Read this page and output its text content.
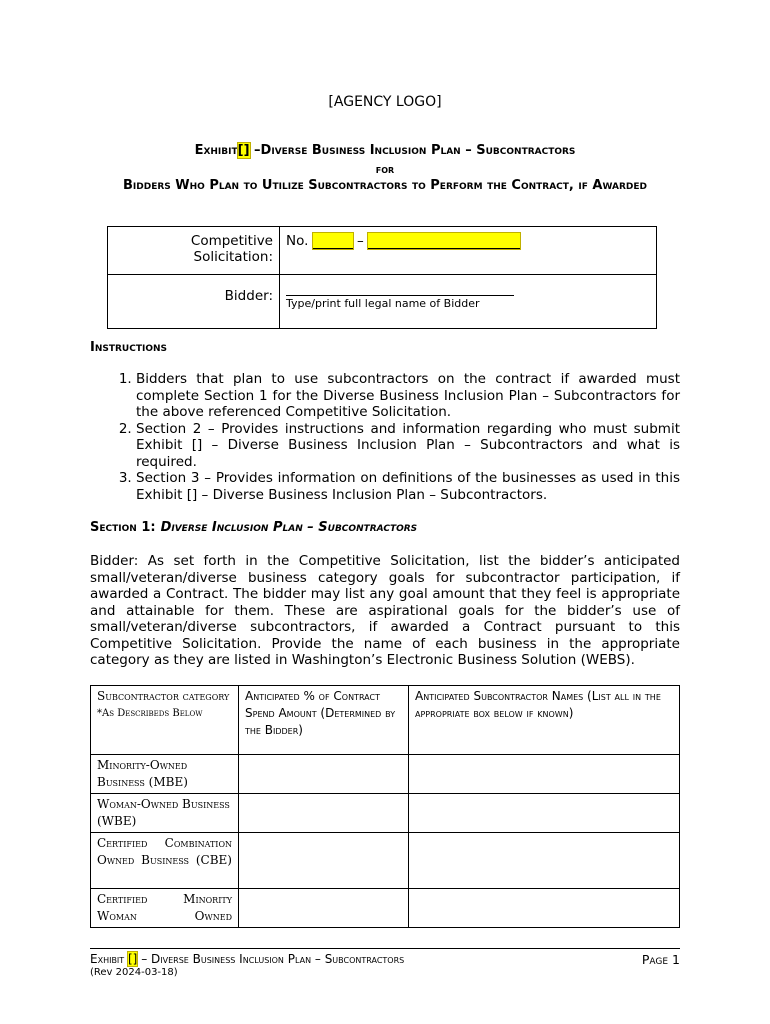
[AGENCY LOGO]
Exhibit[] –Diverse Business Inclusion Plan – Subcontractors
for
Bidders Who Plan to Utilize Subcontractors to Perform the Contract, if Awarded
Competitive Solicitation:	No. –
Bidder:	Type/print full legal name of Bidder
Instructions
1. Bidders that plan to use subcontractors on the contract if awarded must complete Section 1 for the Diverse Business Inclusion Plan – Subcontractors for the above referenced Competitive Solicitation.
2. Section 2 – Provides instructions and information regarding who must submit Exhibit [] – Diverse Business Inclusion Plan – Subcontractors and what is required.
3. Section 3 – Provides information on definitions of the businesses as used in this Exhibit [] – Diverse Business Inclusion Plan – Subcontractors.
Section 1: Diverse Inclusion Plan – Subcontractors

Bidder: As set forth in the Competitive Solicitation, list the bidder’s anticipated small/veteran/diverse business category goals for subcontractor participation, if awarded a Contract. The bidder may list any goal amount that they feel is appropriate and attainable for them. These are aspirational goals for the bidder’s use of small/veteran/diverse subcontractors, if awarded a Contract pursuant to this Competitive Solicitation. Provide the name of each business in the appropriate category as they are listed in Washington’s Electronic Business Solution (WEBS).

Subcontractor category
*As Describeds Below	Anticipated % of Contract Spend Amount (Determined by the Bidder)	Anticipated Subcontractor Names (List all in the appropriate box below if known)
Minority-Owned Business (MBE)		
Woman-Owned Business (WBE)		
Certified Combination Owned Business (CBE)		
Certified Minority Woman Owned		
Exhibit [] – Diverse Business Inclusion Plan – Subcontractors	Page 1
(Rev 2024-03-18)
